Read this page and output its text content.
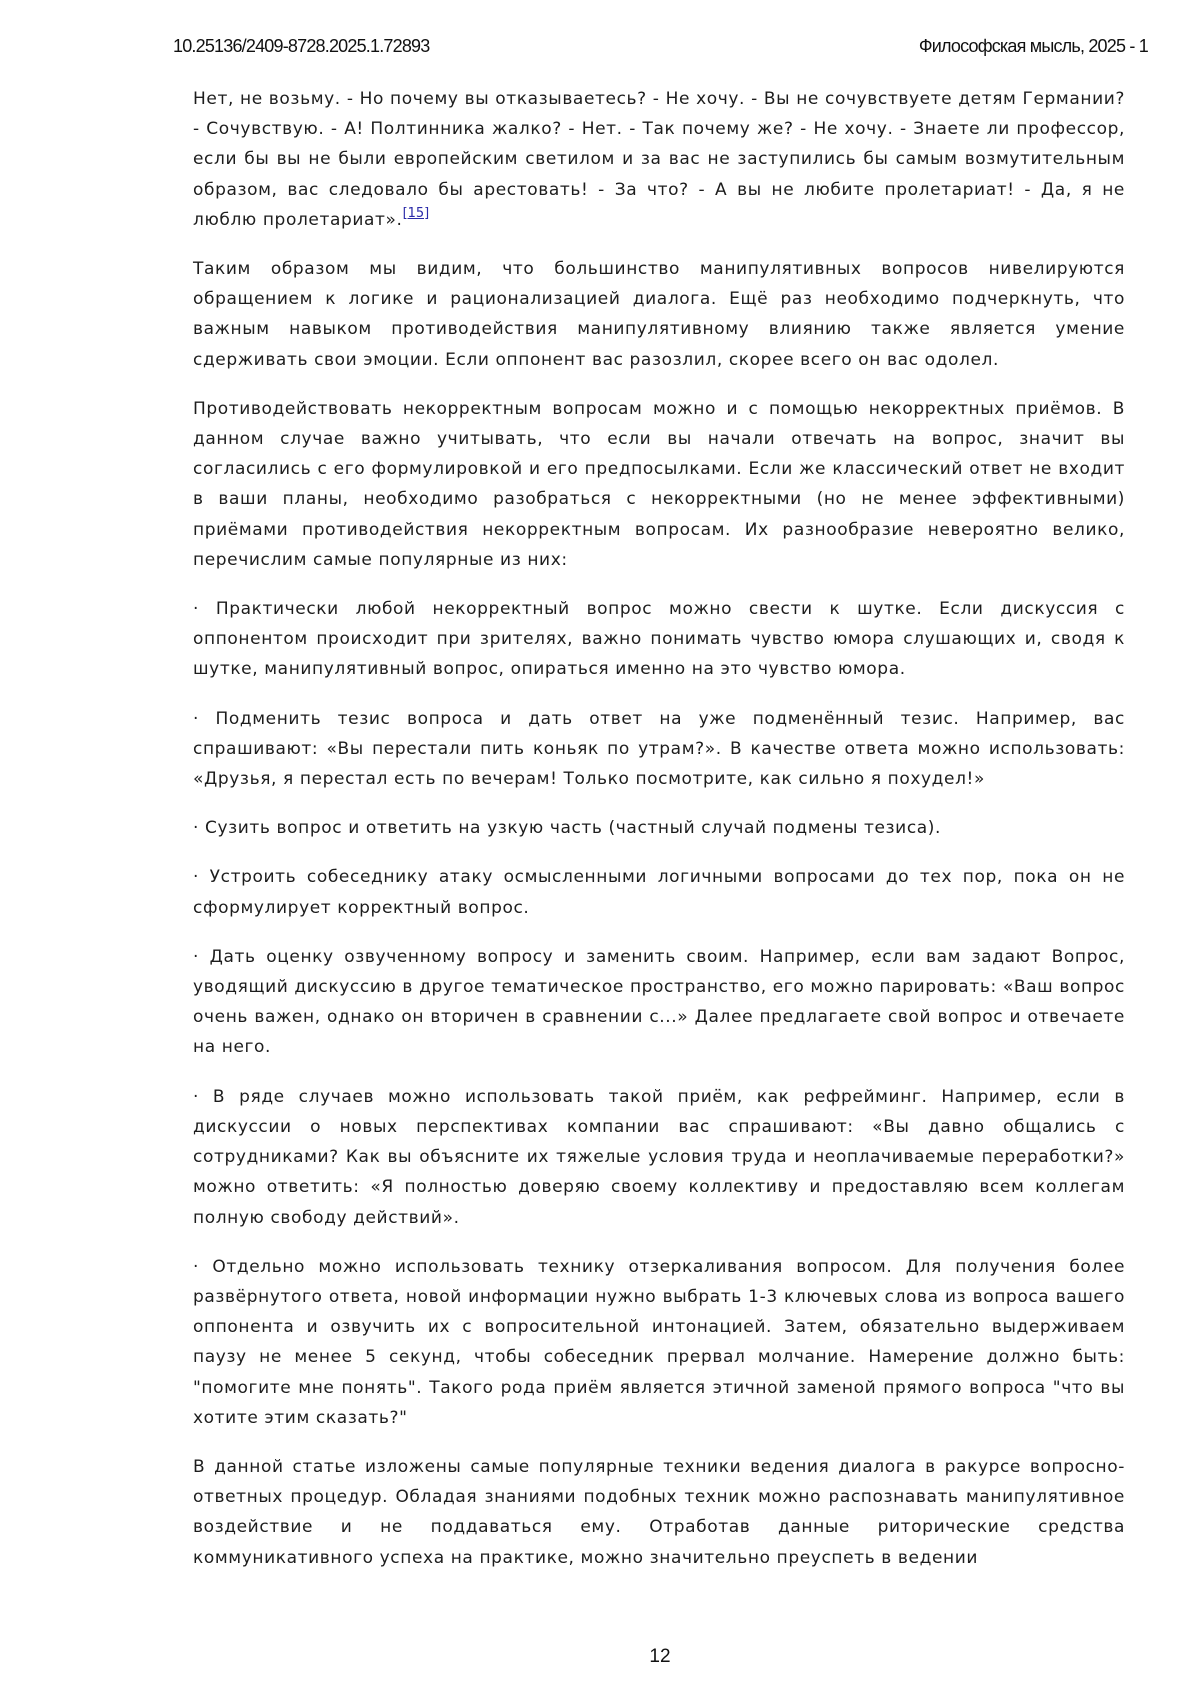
10.25136/2409-8728.2025.1.72893	Философская мысль, 2025 - 1

Нет, не возьму. - Но почему вы отказываетесь? - Не хочу. - Вы не сочувствуете детям Германии? - Сочувствую. - А! Полтинника жалко? - Нет. - Так почему же? - Не хочу. - Знаете ли профессор, если бы вы не были европейским светилом и за вас не заступились бы самым возмутительным образом, вас следовало бы арестовать! - За что? - А вы не любите пролетариат! - Да, я не люблю пролетариат».[15]

Таким образом мы видим, что большинство манипулятивных вопросов нивелируются обращением к логике и рационализацией диалога. Ещё раз необходимо подчеркнуть, что важным навыком противодействия манипулятивному влиянию также является умение сдерживать свои эмоции. Если оппонент вас разозлил, скорее всего он вас одолел.

Противодействовать некорректным вопросам можно и с помощью некорректных приёмов. В данном случае важно учитывать, что если вы начали отвечать на вопрос, значит вы согласились с его формулировкой и его предпосылками. Если же классический ответ не входит в ваши планы, необходимо разобраться с некорректными (но не менее эффективными) приёмами противодействия некорректным вопросам. Их разнообразие невероятно велико, перечислим самые популярные из них:

· Практически любой некорректный вопрос можно свести к шутке. Если дискуссия с оппонентом происходит при зрителях, важно понимать чувство юмора слушающих и, сводя к шутке, манипулятивный вопрос, опираться именно на это чувство юмора.

· Подменить тезис вопроса и дать ответ на уже подменённый тезис. Например, вас спрашивают: «Вы перестали пить коньяк по утрам?». В качестве ответа можно использовать: «Друзья, я перестал есть по вечерам! Только посмотрите, как сильно я похудел!»

· Сузить вопрос и ответить на узкую часть (частный случай подмены тезиса).

· Устроить собеседнику атаку осмысленными логичными вопросами до тех пор, пока он не сформулирует корректный вопрос.

· Дать оценку озвученному вопросу и заменить своим. Например, если вам задают Вопрос, уводящий дискуссию в другое тематическое пространство, его можно парировать: «Ваш вопрос очень важен, однако он вторичен в сравнении с...» Далее предлагаете свой вопрос и отвечаете на него.

· В ряде случаев можно использовать такой приём, как рефрейминг. Например, если в дискуссии о новых перспективах компании вас спрашивают: «Вы давно общались с сотрудниками? Как вы объясните их тяжелые условия труда и неоплачиваемые переработки?» можно ответить: «Я полностью доверяю своему коллективу и предоставляю всем коллегам полную свободу действий».

· Отдельно можно использовать технику отзеркаливания вопросом. Для получения более развёрнутого ответа, новой информации нужно выбрать 1-3 ключевых слова из вопроса вашего оппонента и озвучить их с вопросительной интонацией. Затем, обязательно выдерживаем паузу не менее 5 секунд, чтобы собеседник прервал молчание. Намерение должно быть: "помогите мне понять". Такого рода приём является этичной заменой прямого вопроса "что вы хотите этим сказать?"

В данной статье изложены самые популярные техники ведения диалога в ракурсе вопросно-ответных процедур. Обладая знаниями подобных техник можно распознавать манипулятивное воздействие и не поддаваться ему. Отработав данные риторические средства коммуникативного успеха на практике, можно значительно преуспеть в ведении

12
